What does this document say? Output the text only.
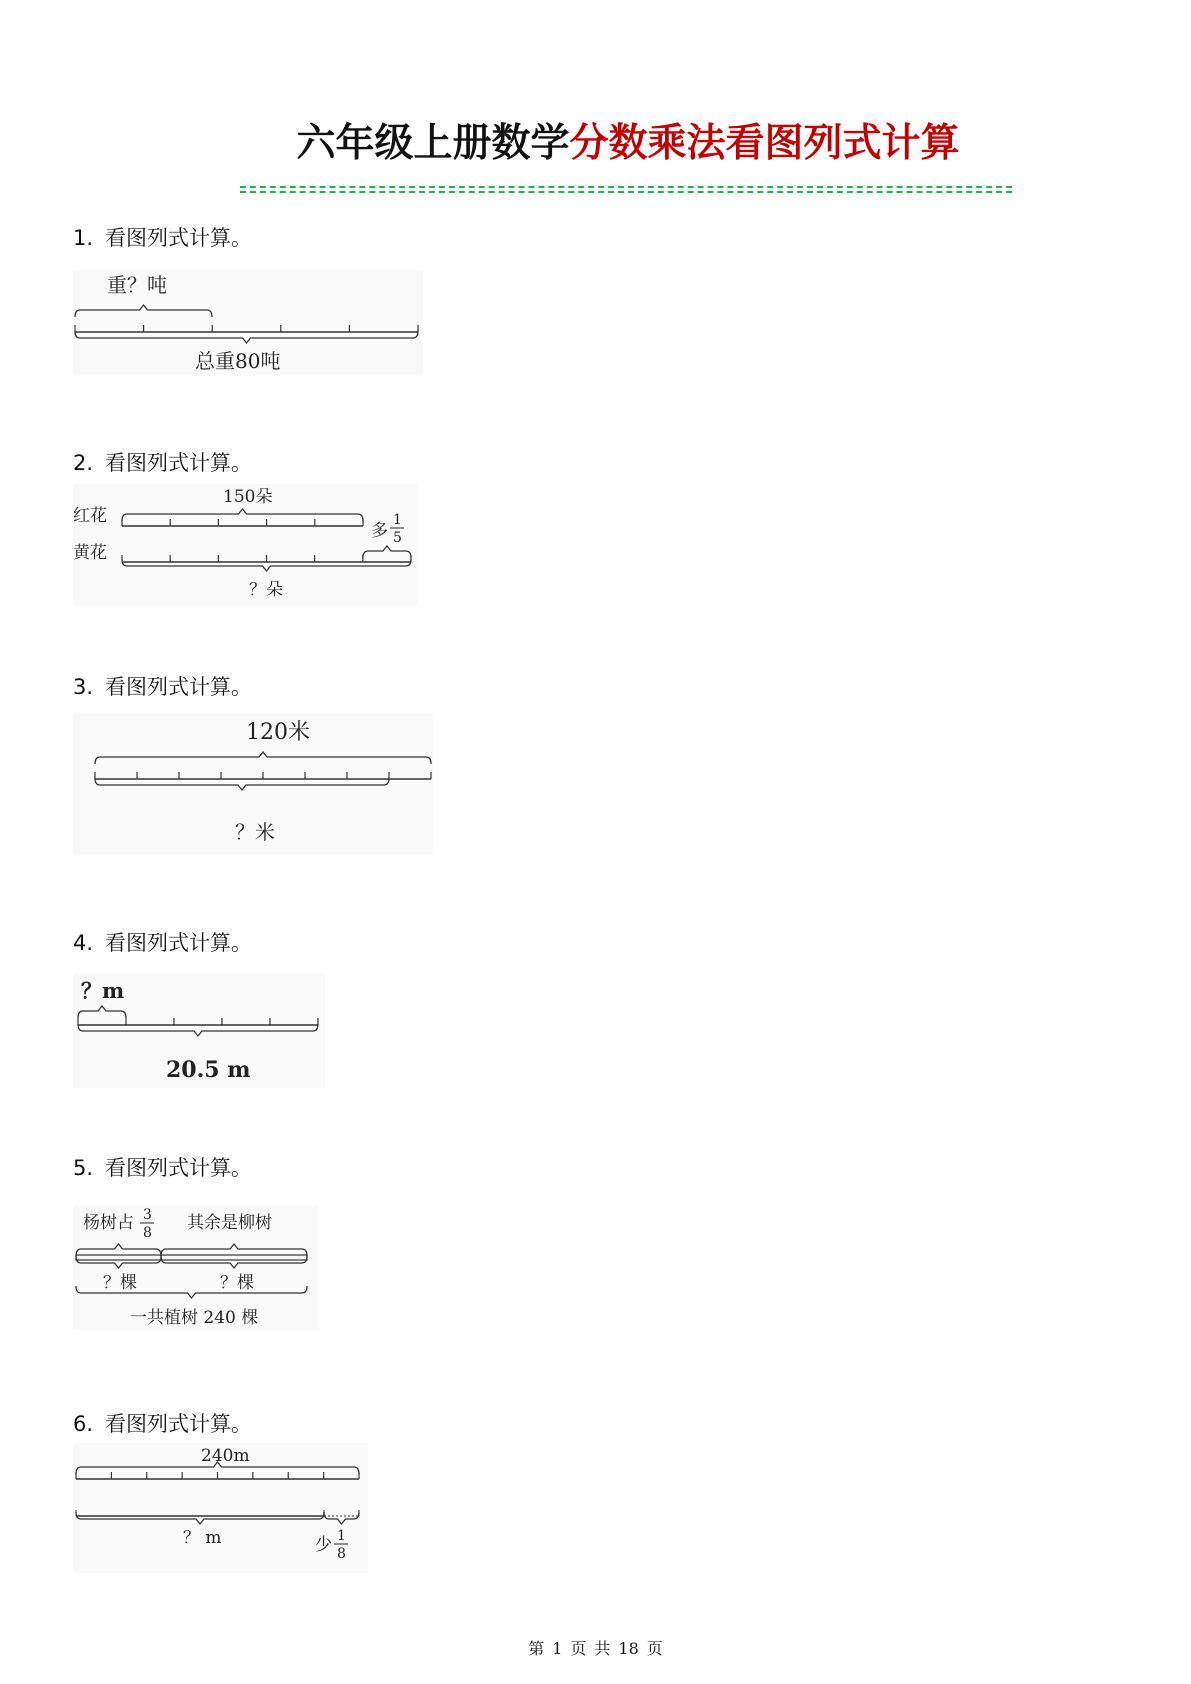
六年级上册数学分数乘法看图列式计算
1. 看图列式计算。
重？吨
总重80吨
2. 看图列式计算。
红花
黄花
150朵
多
1
5
？朵
3. 看图列式计算。
120米
？米
4. 看图列式计算。
？m
20.5 m
5. 看图列式计算。
杨树占 3
8 其余是柳树
？棵	？棵
一共植树 240 棵
6. 看图列式计算。
240m
？ m	少 1
8
第 1 页 共 18 页
